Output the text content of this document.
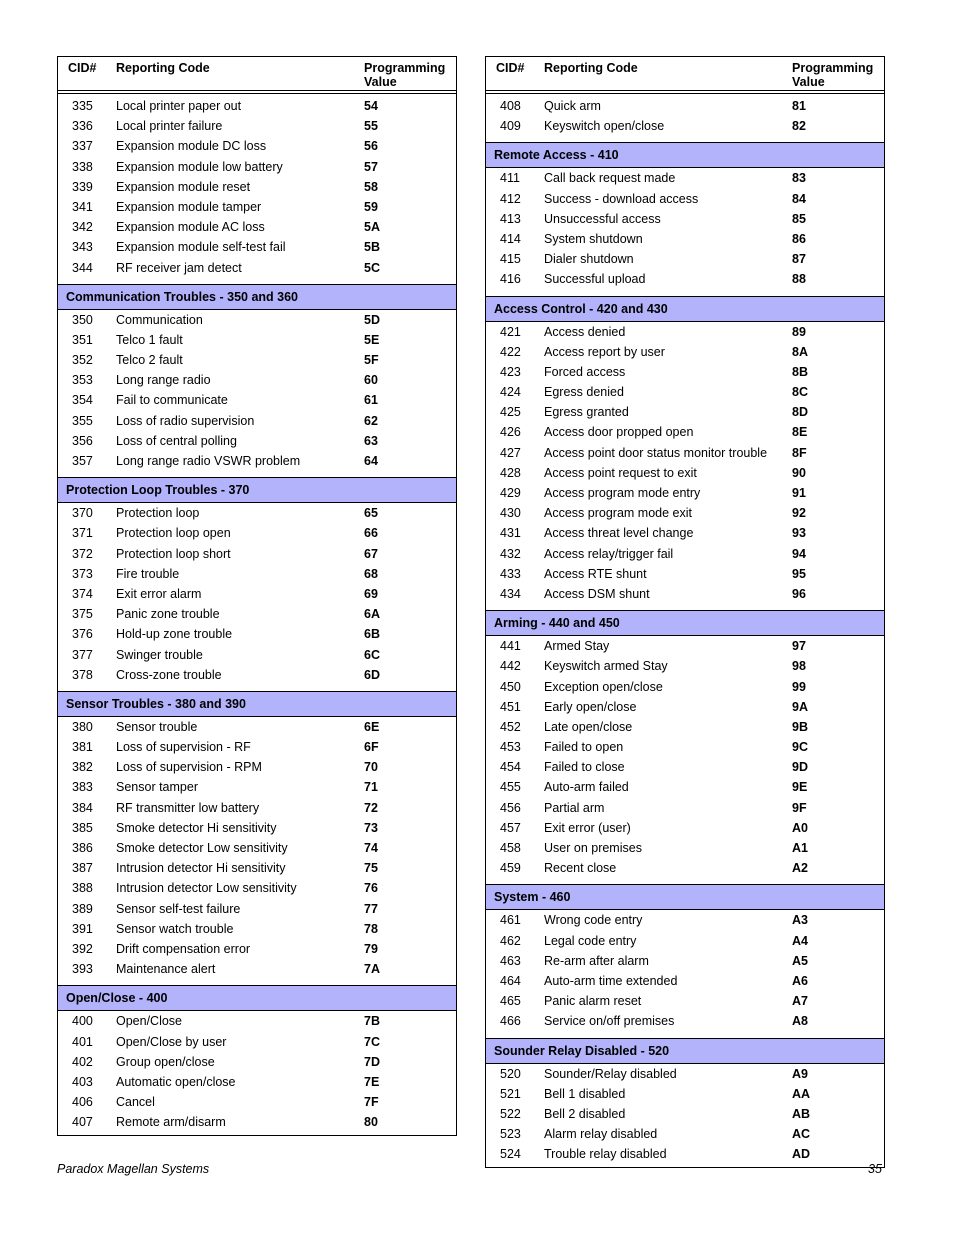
CID# Reporting Code	Programming
Value
335 Local printer paper out	54
336 Local printer failure	55
337 Expansion module DC loss	56
338 Expansion module low battery	57
339 Expansion module reset	58
341 Expansion module tamper	59
342 Expansion module AC loss	5A
343 Expansion module self-test fail	5B
344 RF receiver jam detect	5C
Communication Troubles - 350 and 360
350 Communication	5D
351 Telco 1 fault	5E
352 Telco 2 fault	5F
353 Long range radio	60
354 Fail to communicate	61
355 Loss of radio supervision	62
356 Loss of central polling	63
357 Long range radio VSWR problem	64
Protection Loop Troubles - 370
370 Protection loop	65
371 Protection loop open	66
372 Protection loop short	67
373 Fire trouble	68
374 Exit error alarm	69
375 Panic zone trouble	6A
376 Hold-up zone trouble	6B
377 Swinger trouble	6C
378 Cross-zone trouble	6D
Sensor Troubles - 380 and 390
380 Sensor trouble	6E
381 Loss of supervision - RF	6F
382 Loss of supervision - RPM	70
383 Sensor tamper	71
384 RF transmitter low battery	72
385 Smoke detector Hi sensitivity	73
386 Smoke detector Low sensitivity	74
387 Intrusion detector Hi sensitivity	75
388 Intrusion detector Low sensitivity	76
389 Sensor self-test failure	77
391 Sensor watch trouble	78
392 Drift compensation error	79
393 Maintenance alert	7A
Open/Close - 400
400 Open/Close	7B
401 Open/Close by user	7C
402 Group open/close	7D
403 Automatic open/close	7E
406 Cancel	7F
407 Remote arm/disarm	80
CID# Reporting Code	Programming
Value
408 Quick arm	81
409 Keyswitch open/close	82
Remote Access - 410
411 Call back request made	83
412 Success - download access	84
413 Unsuccessful access	85
414 System shutdown	86
415 Dialer shutdown	87
416 Successful upload	88
Access Control - 420 and 430
421 Access denied	89
422 Access report by user	8A
423 Forced access	8B
424 Egress denied	8C
425 Egress granted	8D
426 Access door propped open	8E
427 Access point door status monitor trouble 8F
428 Access point request to exit	90
429 Access program mode entry	91
430 Access program mode exit	92
431 Access threat level change	93
432 Access relay/trigger fail	94
433 Access RTE shunt	95
434 Access DSM shunt	96
Arming - 440 and 450
441 Armed Stay	97
442 Keyswitch armed Stay	98
450 Exception open/close	99
451 Early open/close	9A
452 Late open/close	9B
453 Failed to open	9C
454 Failed to close	9D
455 Auto-arm failed	9E
456 Partial arm	9F
457 Exit error (user)	A0
458 User on premises	A1
459 Recent close	A2
System - 460
461 Wrong code entry	A3
462 Legal code entry	A4
463 Re-arm after alarm	A5
464 Auto-arm time extended	A6
465 Panic alarm reset	A7
466 Service on/off premises	A8
Sounder Relay Disabled - 520
520 Sounder/Relay disabled	A9
521 Bell 1 disabled	AA
522 Bell 2 disabled	AB
523 Alarm relay disabled	AC
524 Trouble relay disabled	AD
Paradox Magellan Systems	35
